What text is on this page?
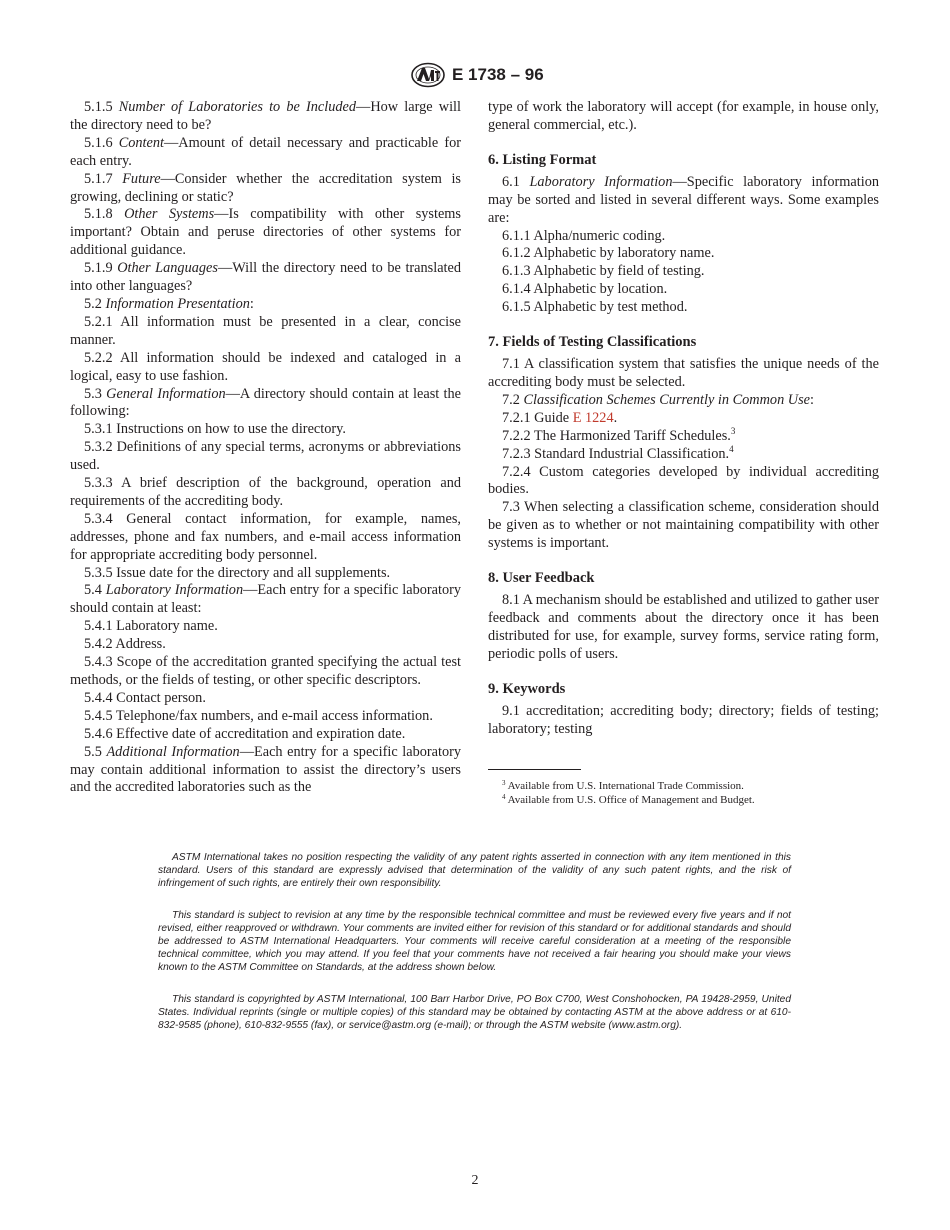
E 1738 – 96

5.1.5 Number of Laboratories to be Included—How large will the directory need to be?

5.1.6 Content—Amount of detail necessary and practicable for each entry.

5.1.7 Future—Consider whether the accreditation system is growing, declining or static?

5.1.8 Other Systems—Is compatibility with other systems important? Obtain and peruse directories of other systems for additional guidance.

5.1.9 Other Languages—Will the directory need to be translated into other languages?

5.2 Information Presentation:

5.2.1 All information must be presented in a clear, concise manner.

5.2.2 All information should be indexed and cataloged in a logical, easy to use fashion.

5.3 General Information—A directory should contain at least the following:

5.3.1 Instructions on how to use the directory.

5.3.2 Definitions of any special terms, acronyms or abbreviations used.

5.3.3 A brief description of the background, operation and requirements of the accrediting body.

5.3.4 General contact information, for example, names, addresses, phone and fax numbers, and e-mail access information for appropriate accrediting body personnel.

5.3.5 Issue date for the directory and all supplements.

5.4 Laboratory Information—Each entry for a specific laboratory should contain at least:

5.4.1 Laboratory name.

5.4.2 Address.

5.4.3 Scope of the accreditation granted specifying the actual test methods, or the fields of testing, or other specific descriptors.

5.4.4 Contact person.

5.4.5 Telephone/fax numbers, and e-mail access information.

5.4.6 Effective date of accreditation and expiration date.

5.5 Additional Information—Each entry for a specific laboratory may contain additional information to assist the directory’s users and the accredited laboratories such as the

type of work the laboratory will accept (for example, in house only, general commercial, etc.).

6. Listing Format

6.1 Laboratory Information—Specific laboratory information may be sorted and listed in several different ways. Some examples are:

6.1.1 Alpha/numeric coding.

6.1.2 Alphabetic by laboratory name.

6.1.3 Alphabetic by field of testing.

6.1.4 Alphabetic by location.

6.1.5 Alphabetic by test method.

7. Fields of Testing Classifications

7.1 A classification system that satisfies the unique needs of the accrediting body must be selected.

7.2 Classification Schemes Currently in Common Use:

7.2.1 Guide E 1224.

7.2.2 The Harmonized Tariff Schedules.$^3$

7.2.3 Standard Industrial Classification.$^4$

7.2.4 Custom categories developed by individual accrediting bodies.

7.3 When selecting a classification scheme, consideration should be given as to whether or not maintaining compatibility with other systems is important.

8. User Feedback

8.1 A mechanism should be established and utilized to gather user feedback and comments about the directory once it has been distributed for use, for example, survey forms, service rating form, periodic polls of users.

9. Keywords

9.1 accreditation; accrediting body; directory; fields of testing; laboratory; testing

$^3$ Available from U.S. International Trade Commission.

$^4$ Available from U.S. Office of Management and Budget.

ASTM International takes no position respecting the validity of any patent rights asserted in connection with any item mentioned in this standard. Users of this standard are expressly advised that determination of the validity of any such patent rights, and the risk of infringement of such rights, are entirely their own responsibility.

This standard is subject to revision at any time by the responsible technical committee and must be reviewed every five years and if not revised, either reapproved or withdrawn. Your comments are invited either for revision of this standard or for additional standards and should be addressed to ASTM International Headquarters. Your comments will receive careful consideration at a meeting of the responsible technical committee, which you may attend. If you feel that your comments have not received a fair hearing you should make your views known to the ASTM Committee on Standards, at the address shown below.

This standard is copyrighted by ASTM International, 100 Barr Harbor Drive, PO Box C700, West Conshohocken, PA 19428-2959, United States. Individual reprints (single or multiple copies) of this standard may be obtained by contacting ASTM at the above address or at 610-832-9585 (phone), 610-832-9555 (fax), or service@astm.org (e-mail); or through the ASTM website (www.astm.org).

2
